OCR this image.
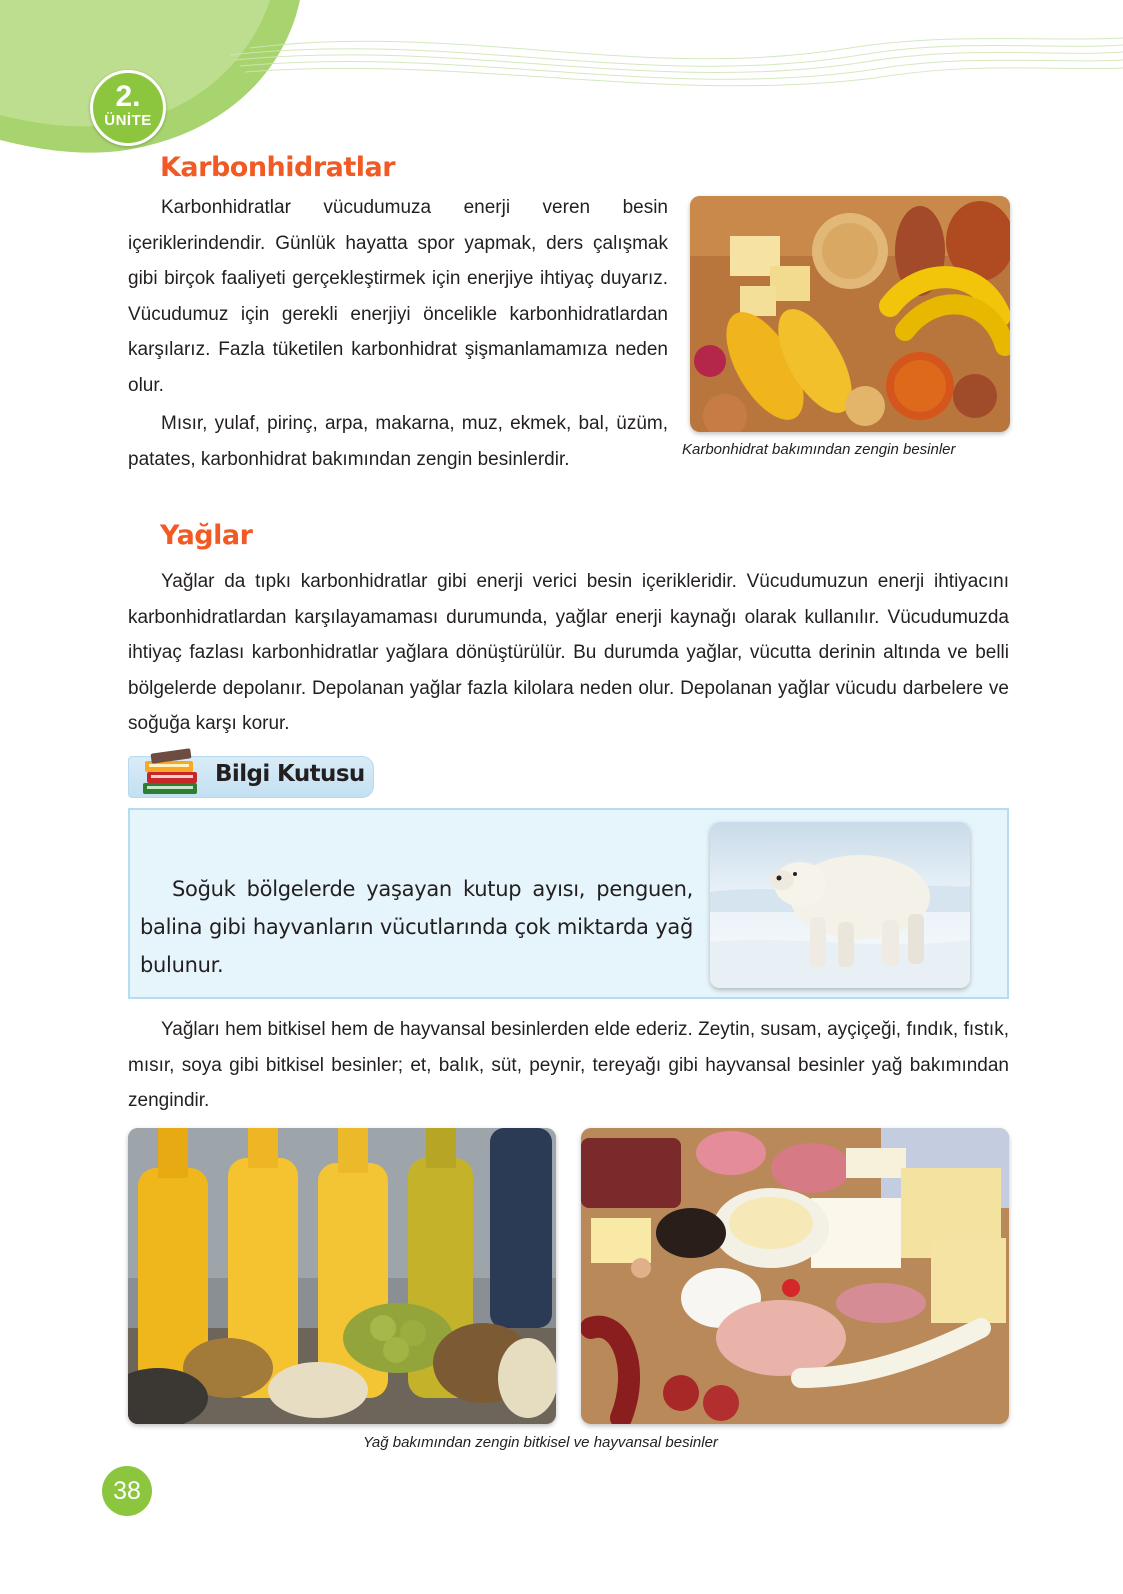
2.
ÜNİTE
Karbonhidratlar

Karbonhidratlar vücudumuza enerji veren besin içeriklerindendir. Günlük hayatta spor yapmak, ders çalışmak gibi birçok faaliyeti gerçekleştirmek için enerjiye ihtiyaç duyarız. Vücudumuz için gerekli enerjiyi öncelikle karbonhidratlardan karşılarız. Fazla tüketilen karbonhidrat şişmanlamamıza neden olur.

Mısır, yulaf, pirinç, arpa, makarna, muz, ekmek, bal, üzüm, patates, karbonhidrat bakımından zengin besinlerdir.	Karbonhidrat bakımından zengin besinler
Yağlar

Yağlar da tıpkı karbonhidratlar gibi enerji verici besin içerikleridir. Vücudumuzun enerji ihtiyacını karbonhidratlardan karşılayamaması durumunda, yağlar enerji kaynağı olarak kullanılır. Vücudumuzda ihtiyaç fazlası karbonhidratlar yağlara dönüştürülür. Bu durumda yağlar, vücutta derinin altında ve belli bölgelerde depolanır. Depolanan yağlar fazla kilolara neden olur. Depolanan yağlar vücudu darbelere ve soğuğa karşı korur.

Bilgi Kutusu

Soğuk bölgelerde yaşayan kutup ayısı, penguen, balina gibi hayvanların vücutlarında çok miktarda yağ bulunur.

Yağları hem bitkisel hem de hayvansal besinlerden elde ederiz. Zeytin, susam, ayçiçeği, fındık, fıstık, mısır, soya gibi bitkisel besinler; et, balık, süt, peynir, tereyağı gibi hayvansal besinler yağ bakımından zengindir.

Yağ bakımından zengin bitkisel ve hayvansal besinler
38
